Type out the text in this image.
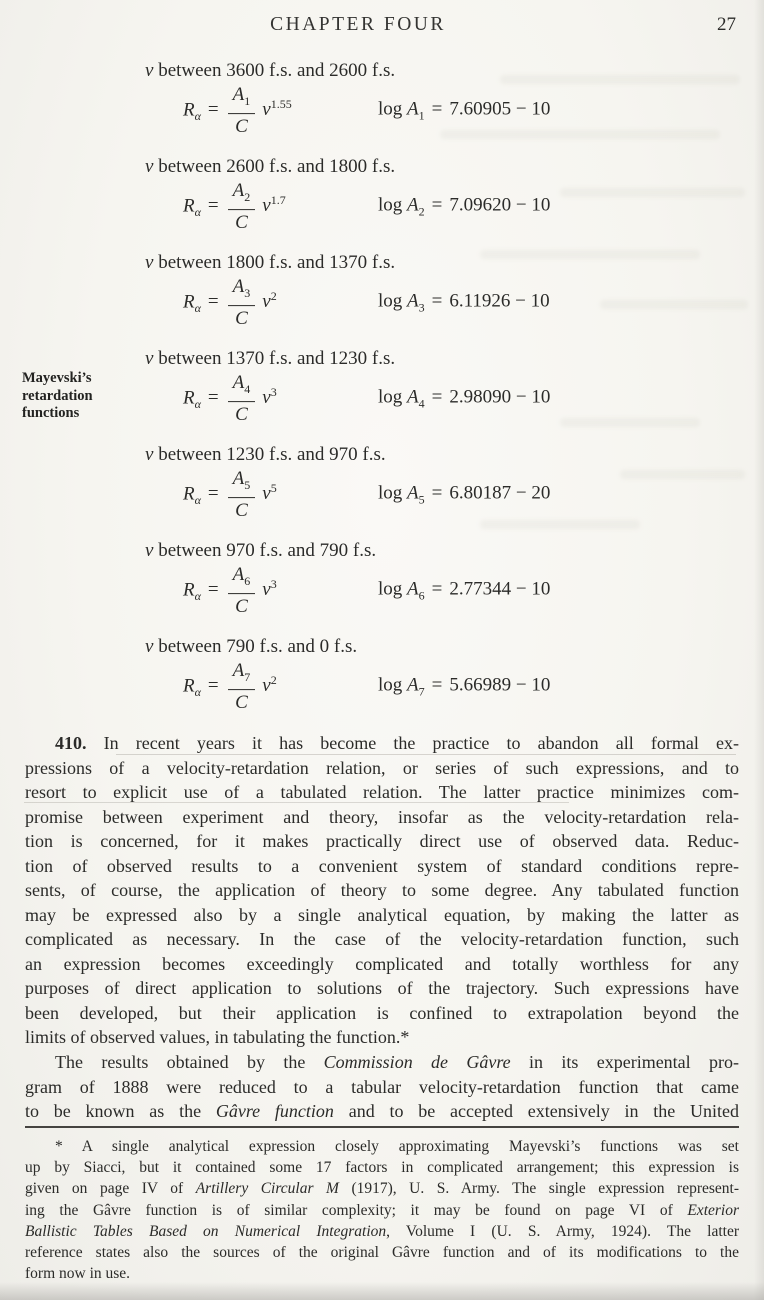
CHAPTER FOUR	27
v between 3600 f.s. and 2600 f.s.
$R_\alpha = \frac{A_1}{C} v^{1.55}$	$\log A_1 = 7.60905 - 10$
v between 2600 f.s. and 1800 f.s.
$R_\alpha = \frac{A_2}{C} v^{1.7}$	$\log A_2 = 7.09620 - 10$
v between 1800 f.s. and 1370 f.s.
$R_\alpha = \frac{A_3}{C} v^2$	$\log A_3 = 6.11926 - 10$
v between 1370 f.s. and 1230 f.s.
$R_\alpha = \frac{A_4}{C} v^3$	$\log A_4 = 2.98090 - 10$
v between 1230 f.s. and 970 f.s.
$R_\alpha = \frac{A_5}{C} v^5$	$\log A_5 = 6.80187 - 20$
v between 970 f.s. and 790 f.s.
$R_\alpha = \frac{A_6}{C} v^3$	$\log A_6 = 2.77344 - 10$
v between 790 f.s. and 0 f.s.
$R_\alpha = \frac{A_7}{C} v^2$	$\log A_7 = 5.66989 - 10$
Mayevski’s
retardation
functions
410. In recent years it has become the practice to abandon all formal ex-
pressions of a velocity-retardation relation, or series of such expressions, and to
resort to explicit use of a tabulated relation. The latter practice minimizes com-
promise between experiment and theory, insofar as the velocity-retardation rela-
tion is concerned, for it makes practically direct use of observed data. Reduc-
tion of observed results to a convenient system of standard conditions repre-
sents, of course, the application of theory to some degree. Any tabulated function
may be expressed also by a single analytical equation, by making the latter as
complicated as necessary. In the case of the velocity-retardation function, such
an expression becomes exceedingly complicated and totally worthless for any
purposes of direct application to solutions of the trajectory. Such expressions have
been developed, but their application is confined to extrapolation beyond the
limits of observed values, in tabulating the function.*
The results obtained by the Commission de Gâvre in its experimental pro-
gram of 1888 were reduced to a tabular velocity-retardation function that came
to be known as the Gâvre function and to be accepted extensively in the United
* A single analytical expression closely approximating Mayevski’s functions was set
up by Siacci, but it contained some 17 factors in complicated arrangement; this expression is
given on page IV of Artillery Circular M (1917), U. S. Army. The single expression represent-
ing the Gâvre function is of similar complexity; it may be found on page VI of Exterior
Ballistic Tables Based on Numerical Integration, Volume I (U. S. Army, 1924). The latter
reference states also the sources of the original Gâvre function and of its modifications to the
form now in use.
